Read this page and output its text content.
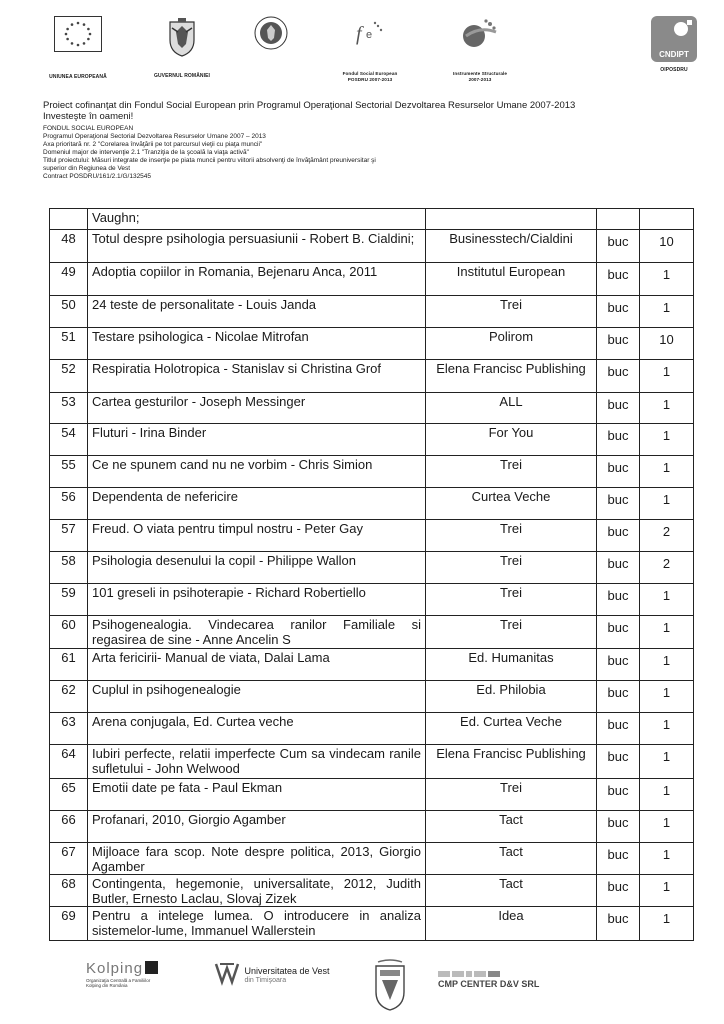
UNIUNEA EUROPEANĂ	GUVERNUL ROMÂNIEI
f e
Fondul Social European
POSDRU 2007-2013
Instrumente Structurale
2007-2013
CNDIPT
OIPOSDRU
Proiect cofinanţat din Fondul Social European prin Programul Operaţional Sectorial Dezvoltarea Resurselor Umane 2007-2013
Investeşte în oameni!
FONDUL SOCIAL EUROPEAN
Programul Operaţional Sectorial Dezvoltarea Resurselor Umane 2007 – 2013
Axa prioritară nr. 2 "Corelarea învăţării pe tot parcursul vieţii cu piaţa muncii"
Domeniul major de intervenţie 2.1 "Tranziţia de la şcoală la viaţa activă"
Titlul proiectului: Măsuri integrate de inserţie pe piata muncii pentru viitorii absolvenţi de învăţământ preuniversitar şi
superior din Regiunea de Vest
Contract POSDRU/161/2.1/G/132545
	Vaughn;			
48	Totul despre psihologia persuasiunii - Robert B. Cialdini;	Businesstech/Cialdini	buc	10
49	Adoptia copiilor in Romania, Bejenaru Anca, 2011	Institutul European	buc	1
50	24 teste de personalitate - Louis Janda	Trei	buc	1
51	Testare psihologica - Nicolae Mitrofan	Polirom	buc	10
52	Respiratia Holotropica - Stanislav si Christina Grof	Elena Francisc Publishing	buc	1
53	Cartea gesturilor - Joseph Messinger	ALL	buc	1
54	Fluturi - Irina Binder	For You	buc	1
55	Ce ne spunem cand nu ne vorbim - Chris Simion	Trei	buc	1
56	Dependenta de nefericire	Curtea Veche	buc	1
57	Freud. O viata pentru timpul nostru - Peter Gay	Trei	buc	2
58	Psihologia desenului la copil - Philippe Wallon	Trei	buc	2
59	101 greseli in psihoterapie - Richard Robertiello	Trei	buc	1
60	Psihogenealogia. Vindecarea ranilor Familiale si regasirea de sine - Anne Ancelin S	Trei	buc	1
61	Arta fericirii- Manual de viata, Dalai Lama	Ed. Humanitas	buc	1
62	Cuplul in psihogenealogie	Ed. Philobia	buc	1
63	Arena conjugala, Ed. Curtea veche	Ed. Curtea Veche	buc	1
64	Iubiri perfecte, relatii imperfecte Cum sa vindecam ranile sufletului - John Welwood	Elena Francisc Publishing	buc	1
65	Emotii date pe fata - Paul Ekman	Trei	buc	1
66	Profanari, 2010, Giorgio Agamber	Tact	buc	1
67	Mijloace fara scop. Note despre politica, 2013, Giorgio Agamber	Tact	buc	1
68	Contingenta, hegemonie, universalitate, 2012, Judith Butler, Ernesto Laclau, Slovaj Zizek	Tact	buc	1
69	Pentru a intelege lumea. O introducere in analiza sistemelor-lume, Immanuel Wallerstein	Idea	buc	1
Kolping
Organizaţia Centrală a Familiilor
Kolping din România

Universitatea de Vest
din Timişoara	CMP CENTER D&V SRL
